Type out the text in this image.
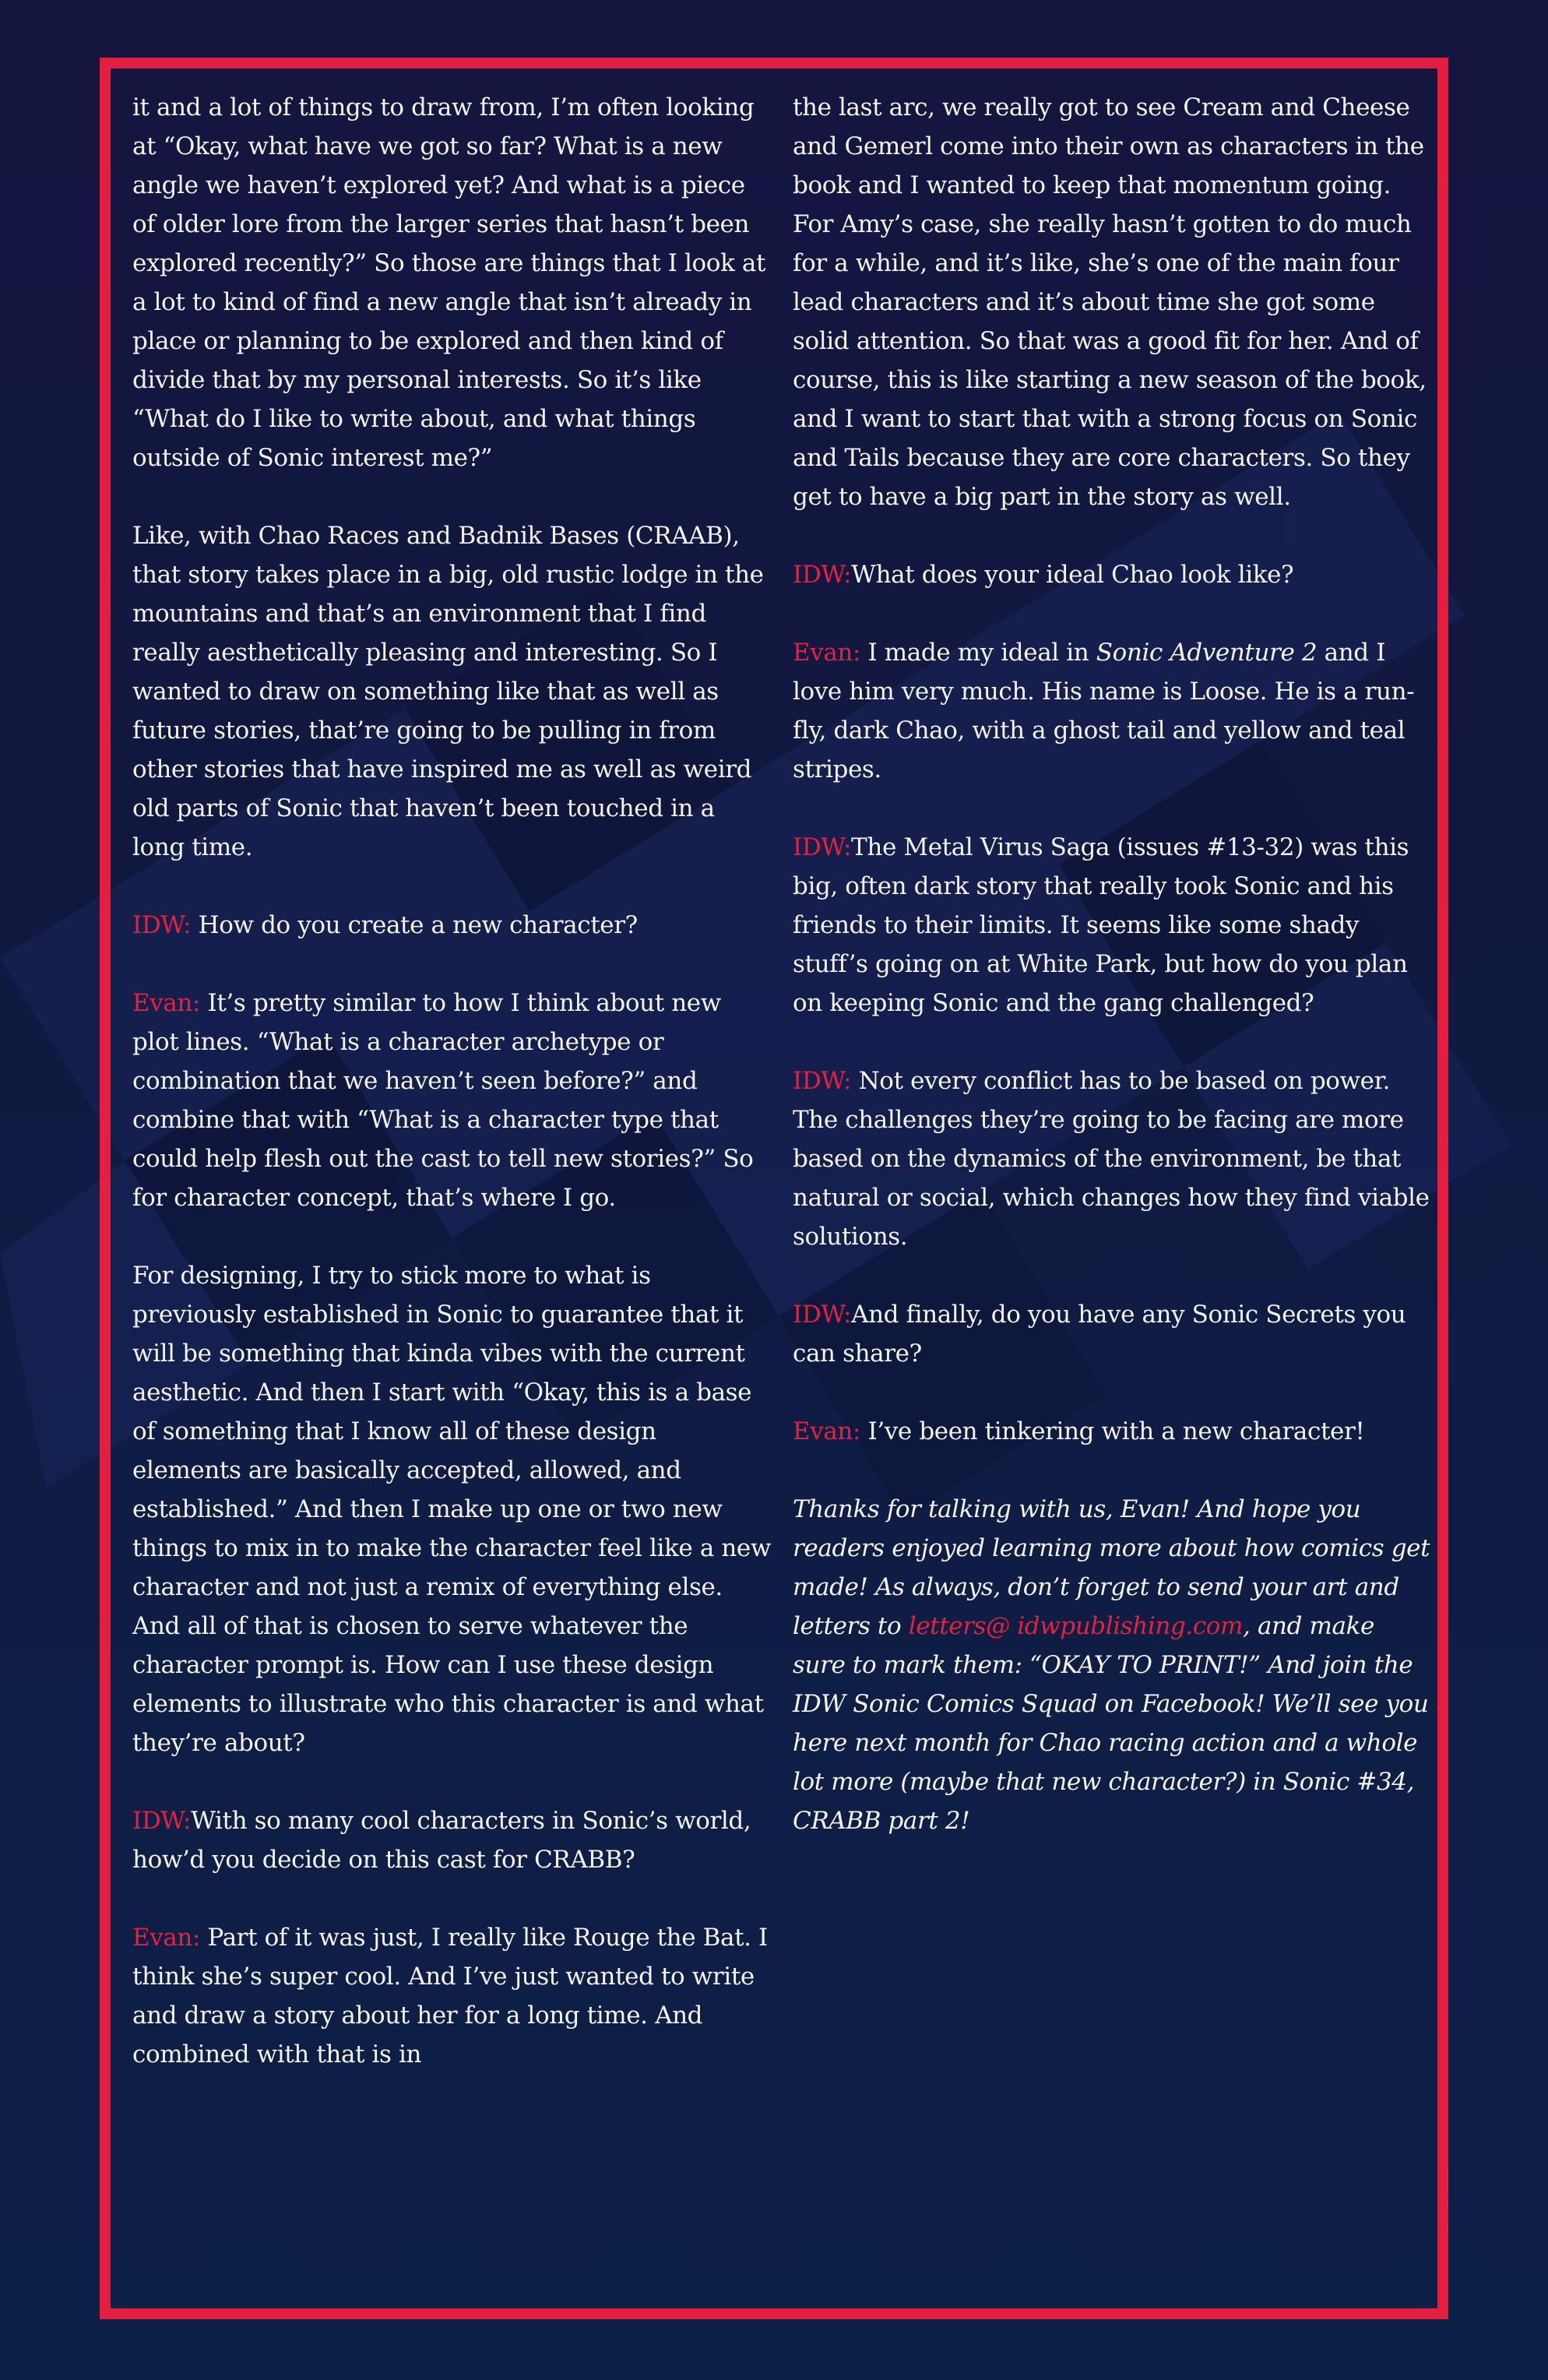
it and a lot of things to draw from, I’m often looking at “Okay, what have we got so far? What is a new angle we haven’t explored yet? And what is a piece of older lore from the larger series that hasn’t been explored recently?” So those are things that I look at a lot to kind of find a new angle that isn’t already in place or planning to be explored and then kind of divide that by my personal interests. So it’s like “What do I like to write about, and what things outside of Sonic interest me?”

Like, with Chao Races and Badnik Bases (CRAAB), that story takes place in a big, old rustic lodge in the mountains and that’s an environment that I find really aesthetically pleasing and interesting. So I wanted to draw on something like that as well as future stories, that’re going to be pulling in from other stories that have inspired me as well as weird old parts of Sonic that haven’t been touched in a long time.

IDW: How do you create a new character?

Evan: It’s pretty similar to how I think about new plot lines. “What is a character archetype or combination that we haven’t seen before?” and combine that with “What is a character type that could help flesh out the cast to tell new stories?” So for character concept, that’s where I go.

For designing, I try to stick more to what is previously established in Sonic to guarantee that it will be something that kinda vibes with the current aesthetic. And then I start with “Okay, this is a base of something that I know all of these design elements are basically accepted, allowed, and established.” And then I make up one or two new things to mix in to make the character feel like a new character and not just a remix of everything else. And all of that is chosen to serve whatever the character prompt is. How can I use these design elements to illustrate who this character is and what they’re about?

IDW:With so many cool characters in Sonic’s world, how’d you decide on this cast for CRABB?

Evan: Part of it was just, I really like Rouge the Bat. I think she’s super cool. And I’ve just wanted to write and draw a story about her for a long time. And combined with that is in

the last arc, we really got to see Cream and Cheese and Gemerl come into their own as characters in the book and I wanted to keep that momentum going. For Amy’s case, she really hasn’t gotten to do much for a while, and it’s like, she’s one of the main four lead characters and it’s about time she got some solid attention. So that was a good fit for her. And of course, this is like starting a new season of the book, and I want to start that with a strong focus on Sonic and Tails because they are core characters. So they get to have a big part in the story as well.

IDW:What does your ideal Chao look like?

Evan: I made my ideal in Sonic Adventure 2 and I love him very much. His name is Loose. He is a run-fly, dark Chao, with a ghost tail and yellow and teal stripes.

IDW:The Metal Virus Saga (issues #13-32) was this big, often dark story that really took Sonic and his friends to their limits. It seems like some shady stuff’s going on at White Park, but how do you plan on keeping Sonic and the gang challenged?

IDW: Not every conflict has to be based on power. The challenges they’re going to be facing are more based on the dynamics of the environment, be that natural or social, which changes how they find viable solutions.

IDW:And finally, do you have any Sonic Secrets you can share?

Evan: I’ve been tinkering with a new character!

Thanks for talking with us, Evan! And hope you readers enjoyed learning more about how comics get made! As always, don’t forget to send your art and letters to letters@ idwpublishing.com, and make sure to mark them: “OKAY TO PRINT!” And join the IDW Sonic Comics Squad on Facebook! We’ll see you here next month for Chao racing action and a whole lot more (maybe that new character?) in Sonic #34, CRABB part 2!
